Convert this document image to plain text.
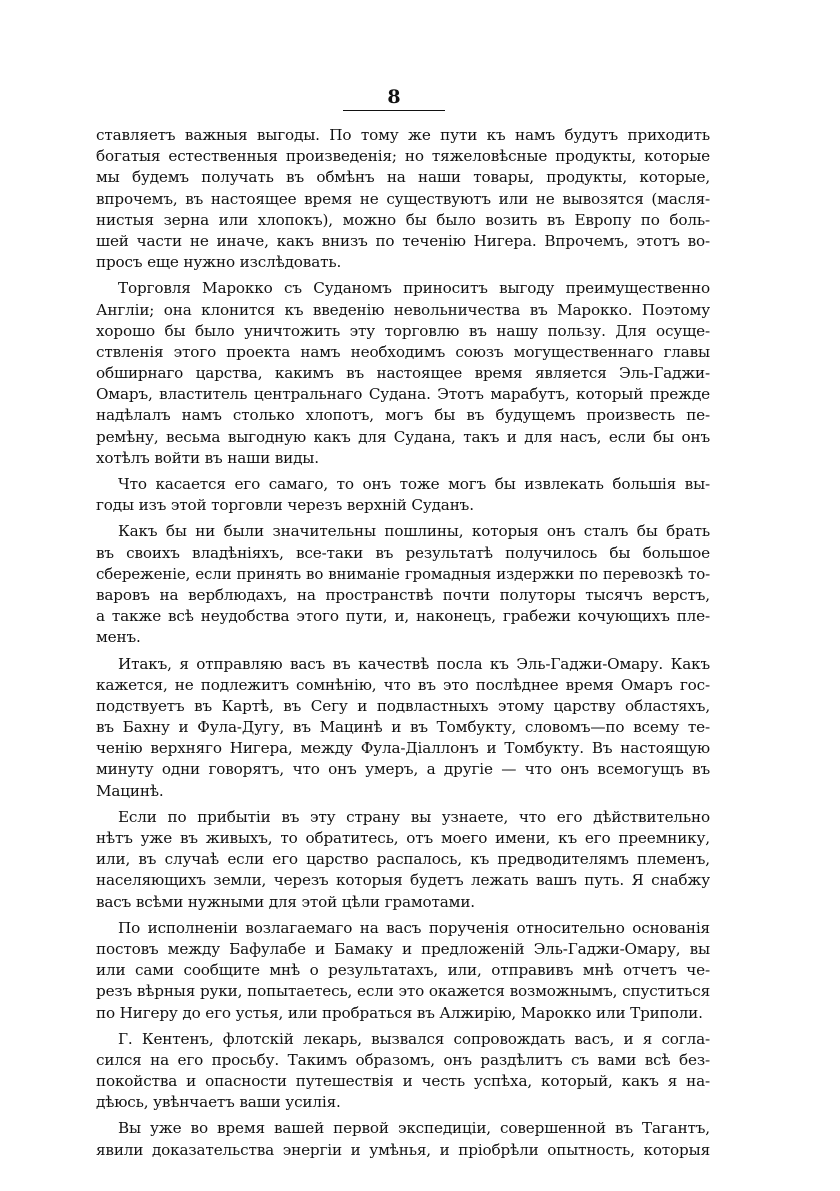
8
ставляетъ важныя выгоды. По тому же пути къ намъ будутъ приходить
богатыя естественныя произведенія; но тяжеловѣсные продукты, которые
мы будемъ получать въ обмѣнъ на наши товары, продукты, которые,
впрочемъ, въ настоящее время не существуютъ или не вывозятся (масля-
нистыя зерна или хлопокъ), можно бы было возить въ Европу по боль-
шей части не иначе, какъ внизъ по теченію Нигера. Впрочемъ, этотъ во-
просъ еще нужно изслѣдовать.
Торговля Марокко съ Суданомъ приноситъ выгоду преимущественно
Англіи; она клонится къ введенію невольничества въ Марокко. Поэтому
хорошо бы было уничтожить эту торговлю въ нашу пользу. Для осуще-
ствленія этого проекта намъ необходимъ союзъ могущественнаго главы
обширнаго царства, какимъ въ настоящее время является Эль-Гаджи-
Омаръ, властитель центральнаго Судана. Этотъ марабутъ, который прежде
надѣлалъ намъ столько хлопотъ, могъ бы въ будущемъ произвесть пе-
ремѣну, весьма выгодную какъ для Судана, такъ и для насъ, если бы онъ
хотѣлъ войти въ наши виды.
Что касается его самаго, то онъ тоже могъ бы извлекать большія вы-
годы изъ этой торговли черезъ верхній Суданъ.
Какъ бы ни были значительны пошлины, которыя онъ сталъ бы брать
въ своихъ владѣніяхъ, все-таки въ результатѣ получилось бы большое
сбереженіе, если принять во вниманіе громадныя издержки по перевозкѣ то-
варовъ на верблюдахъ, на пространствѣ почти полуторы тысячъ верстъ,
а также всѣ неудобства этого пути, и, наконецъ, грабежи кочующихъ пле-
менъ.
Итакъ, я отправляю васъ въ качествѣ посла къ Эль-Гаджи-Омару. Какъ
кажется, не подлежитъ сомнѣнію, что въ это послѣднее время Омаръ гос-
подствуетъ въ Картѣ, въ Сегу и подвластныхъ этому царству областяхъ,
въ Бахну и Фула-Дугу, въ Мацинѣ и въ Томбукту, словомъ—по всему те-
ченію верхняго Нигера, между Фула-Діаллонъ и Томбукту. Въ настоящую
минуту одни говорятъ, что онъ умеръ, а другіе — что онъ всемогущъ въ
Мацинѣ.
Если по прибытіи въ эту страну вы узнаете, что его дѣйствительно
нѣтъ уже въ живыхъ, то обратитесь, отъ моего имени, къ его преемнику,
или, въ случаѣ если его царство распалось, къ предводителямъ племенъ,
населяющихъ земли, черезъ которыя будетъ лежать вашъ путь. Я снабжу
васъ всѣми нужными для этой цѣли грамотами.
По исполненіи возлагаемаго на васъ порученія относительно основанія
постовъ между Бафулабе и Бамаку и предложеній Эль-Гаджи-Омару, вы
или сами сообщите мнѣ о результатахъ, или, отправивъ мнѣ отчетъ че-
резъ вѣрныя руки, попытаетесь, если это окажется возможнымъ, спуститься
по Нигеру до его устья, или пробраться въ Алжирію, Марокко или Триполи.
Г. Кентенъ, флотскій лекарь, вызвался сопровождать васъ, и я согла-
сился на его просьбу. Такимъ образомъ, онъ раздѣлитъ съ вами всѣ без-
покойства и опасности путешествія и честь успѣха, который, какъ я на-
дѣюсь, увѣнчаетъ ваши усилія.
Вы уже во время вашей первой экспедиціи, совершенной въ Тагантъ,
явили доказательства энергіи и умѣнья, и пріобрѣли опытность, которыя
